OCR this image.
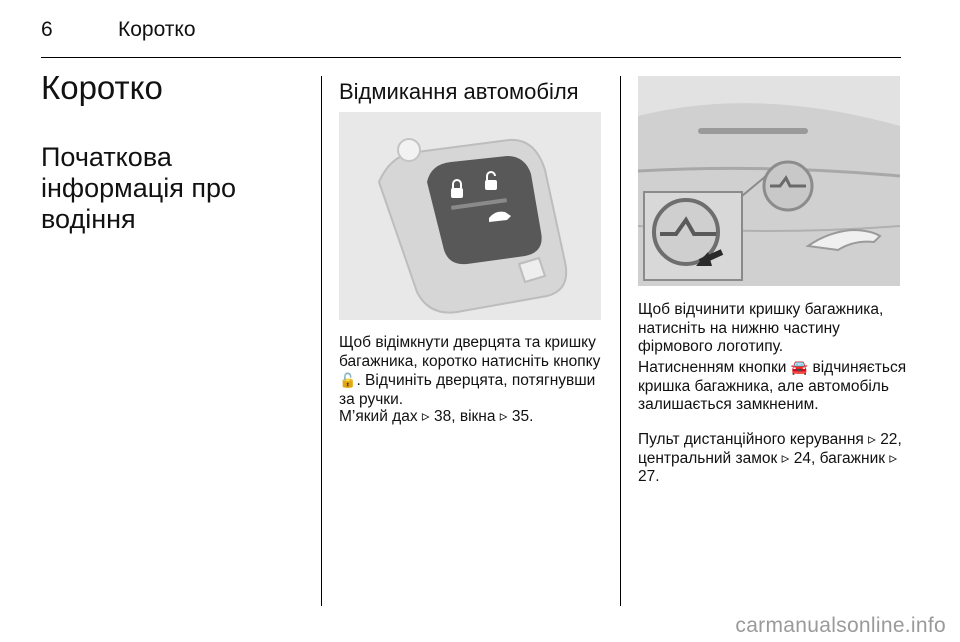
6	Коротко
Коротко
Початкова інформація про водіння
Відмикання автомобіля

Щоб відімкнути дверцята та кришку багажника, коротко натисніть кнопку 🔓. Відчиніть дверцята, потягнувши за ручки.

М’який дах ▹ 38, вікна ▹ 35.

Щоб відчинити кришку багажника, натисніть на нижню частину фірмового логотипу.

Натисненням кнопки 🚘 відчиняється кришка багажника, але автомобіль залишається замкненим.

Пульт дистанційного керування ▹ 22, центральний замок ▹ 24, багажник ▹ 27.

carmanualsonline.info
